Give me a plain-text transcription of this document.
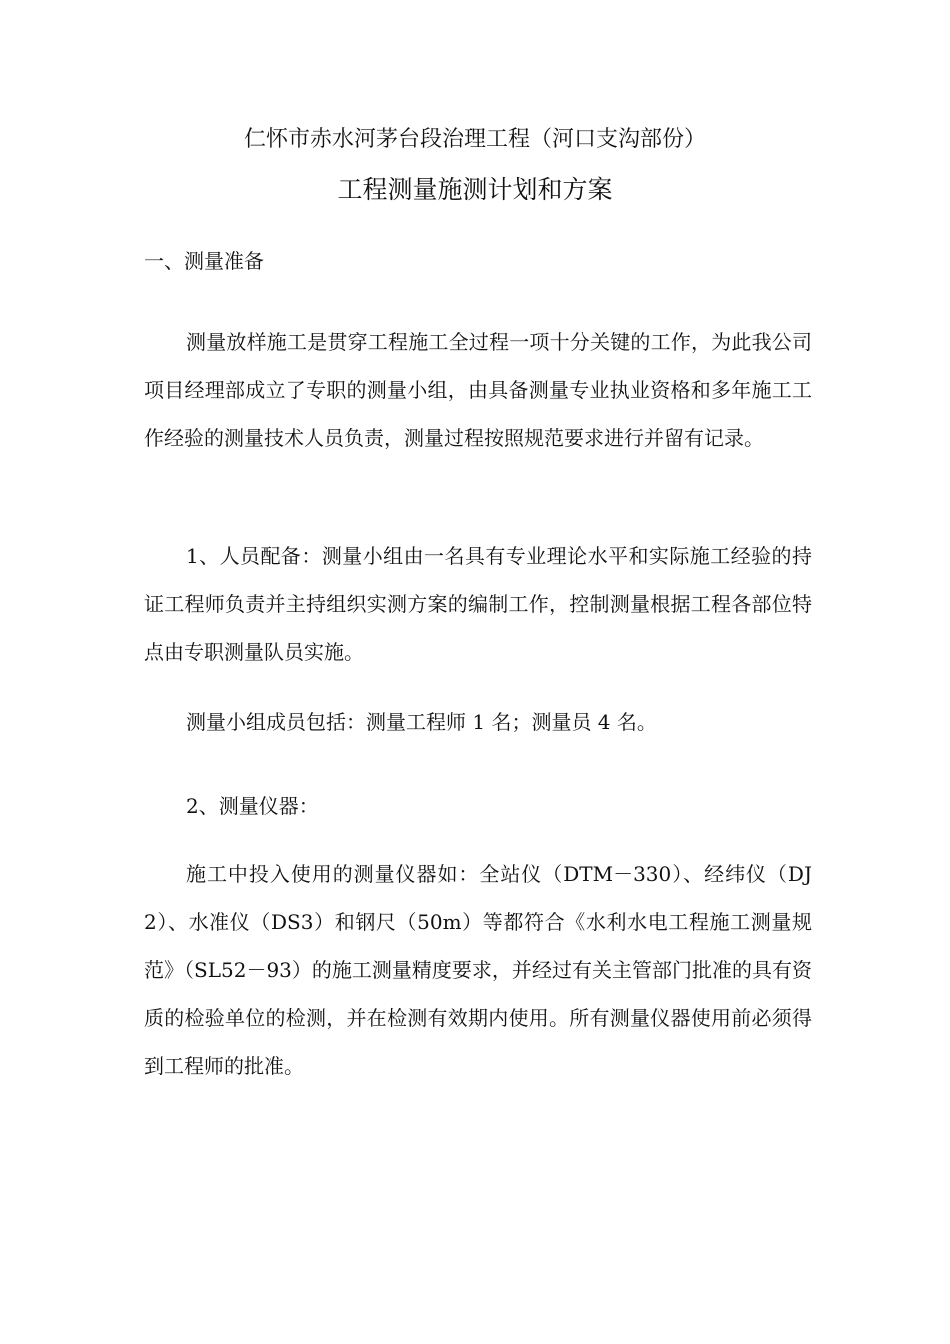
仁怀市赤水河茅台段治理工程（河口支沟部份）
工程测量施测计划和方案
一、测量准备

测量放样施工是贯穿工程施工全过程一项十分关键的工作，为此我公司项目经理部成立了专职的测量小组，由具备测量专业执业资格和多年施工工作经验的测量技术人员负责，测量过程按照规范要求进行并留有记录。

1、人员配备：测量小组由一名具有专业理论水平和实际施工经验的持证工程师负责并主持组织实测方案的编制工作，控制测量根据工程各部位特点由专职测量队员实施。

测量小组成员包括：测量工程师 1 名；测量员 4 名。

2、测量仪器：

施工中投入使用的测量仪器如：全站仪（DTM－330）、经纬仪（DJ2）、水准仪（DS3）和钢尺（50m）等都符合《水利水电工程施工测量规范》（SL52－93）的施工测量精度要求，并经过有关主管部门批准的具有资质的检验单位的检测，并在检测有效期内使用。所有测量仪器使用前必须得到工程师的批准。
